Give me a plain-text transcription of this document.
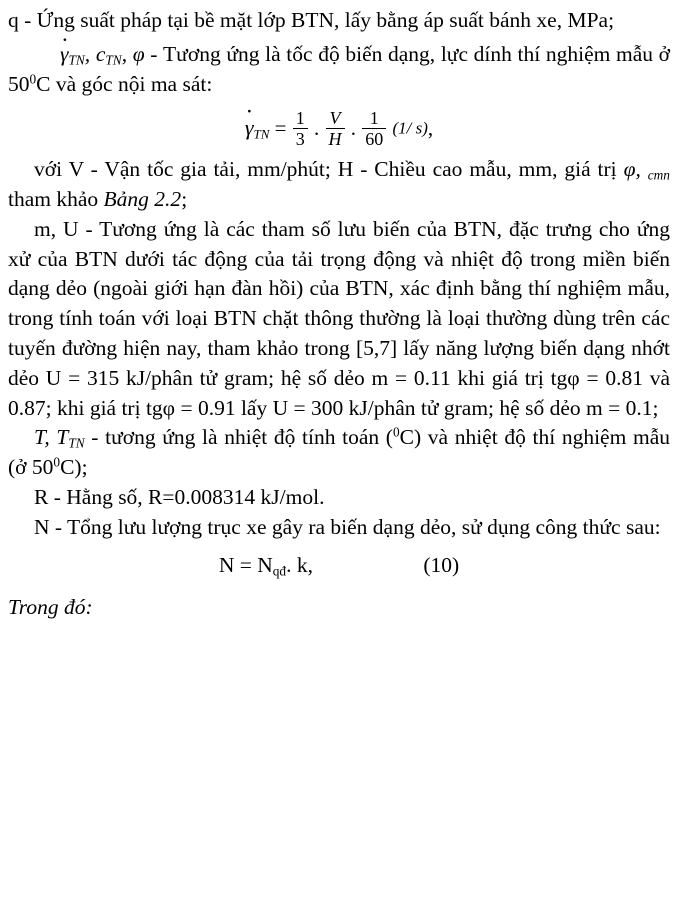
q - Ứng suất pháp tại bề mặt lớp BTN, lấy bằng áp suất bánh xe, MPa;

$\gamma \cdot_{TN}$, $c_{TN}$, φ - Tương ứng là tốc độ biến dạng, lực dính thí nghiệm mẫu ở $50^0C$ và góc nội ma sát:

$\gamma \cdot_{TN} = \frac{1}{3}$ . $\frac{V}{H}$ . $\frac{1}{60} (1/$ s),

với V - Vận tốc gia tải, mm/phút; H - Chiều cao mẫu, mm, giá trị φ, $_{cтn}$ tham khảo Bảng 2.2;

m, U - Tương ứng là các tham số lưu biến của BTN, đặc trưng cho ứng xử của BTN dưới tác động của tải trọng động và nhiệt độ trong miền biến dạng dẻo (ngoài giới hạn đàn hồi) của BTN, xác định bằng thí nghiệm mẫu, trong tính toán với loại BTN chặt thông thường là loại thường dùng trên các tuyến đường hiện nay, tham khảo trong [5,7] lấy năng lượng biến dạng nhớt dẻo U = 315 kJ/phân tử gram; hệ số dẻo m = 0.11 khi giá trị tgφ = 0.81 và 0.87; khi giá trị tgφ = 0.91 lấy U = 300 kJ/phân tử gram; hệ số dẻo m = 0.1;

T, $T_{TN}$ - tương ứng là nhiệt độ tính toán ($^0$C) và nhiệt độ thí nghiệm mẫu (ở $50^0C$);

R - Hằng số, R=0.008314 kJ/mol.

N - Tổng lưu lượng trục xe gây ra biến dạng dẻo, sử dụng công thức sau:

$N = N_{qđ}$. k,	(10)
Trong đó:
